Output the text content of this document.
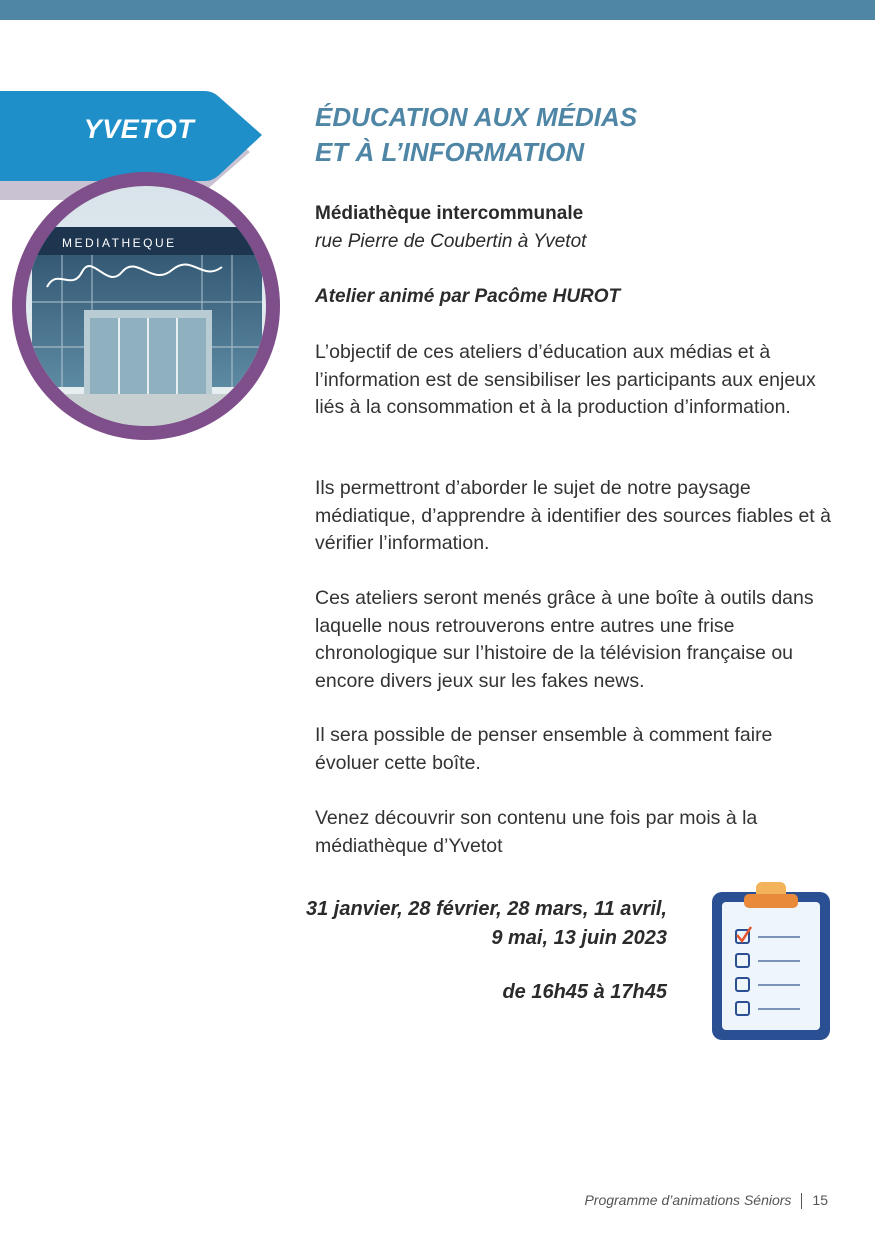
YVETOT
MEDIATHEQUE
ÉDUCATION AUX MÉDIAS
ET À L’INFORMATION
Médiathèque intercommunale
rue Pierre de Coubertin à Yvetot
Atelier animé par Pacôme HUROT
L’objectif de ces ateliers d’éducation aux médias et à l’information est de sensibiliser les participants aux enjeux liés à la consommation et à la production d’information.
Ils permettront d’aborder le sujet de notre paysage médiatique, d’apprendre à identifier des sources fiables et à vérifier l’information.
Ces ateliers seront menés grâce à une boîte à outils dans laquelle nous retrouverons entre autres une frise chronologique sur l’histoire de la télévision française ou encore divers jeux sur les fakes news.
Il sera possible de penser ensemble à comment faire évoluer cette boîte.
Venez découvrir son contenu une fois par mois à la médiathèque d’Yvetot
31 janvier, 28 février, 28 mars, 11 avril,
9 mai, 13 juin 2023
de 16h45 à 17h45
Programme d’animations Séniors 15
